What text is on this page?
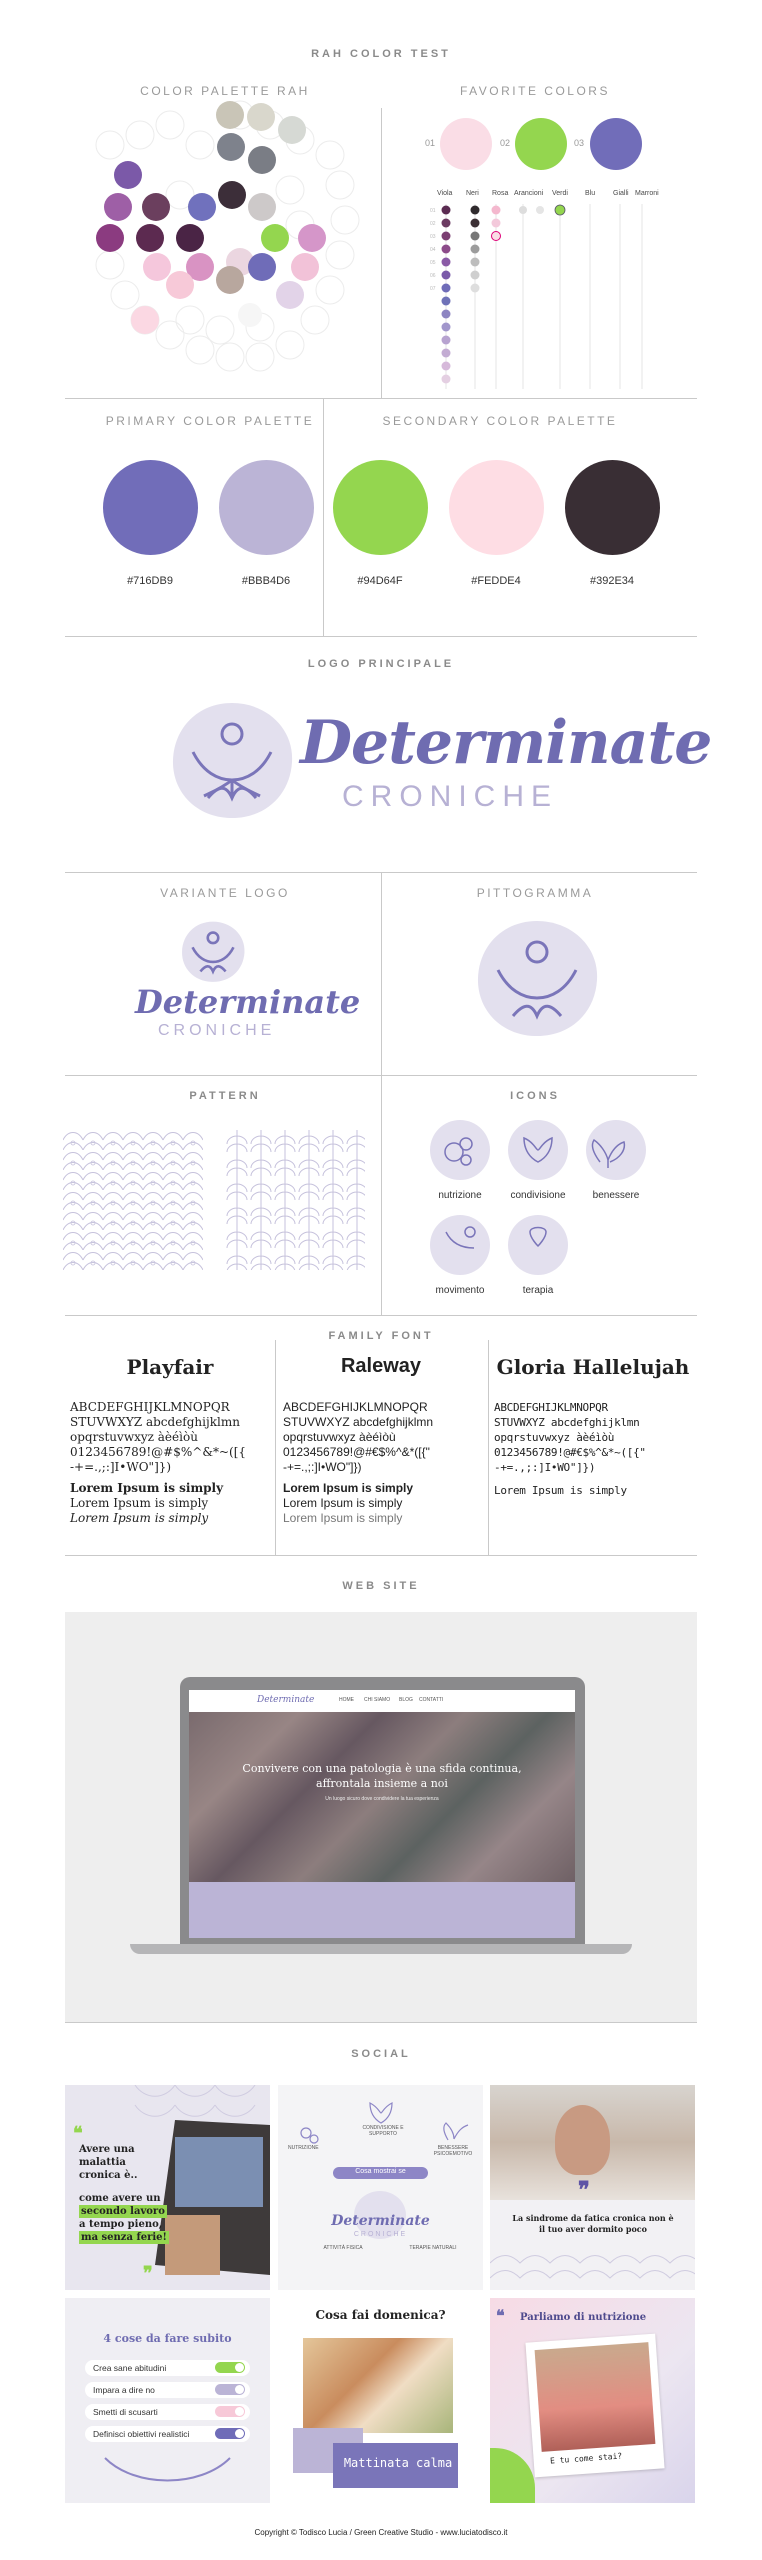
RAH COLOR TEST
COLOR PALETTE RAH	FAVORITE COLORS
01	02	03
Viola Neri Rosa Arancioni Verdi Blu	Gialli Marroni
01
02
03
04
05
06
07
PRIMARY COLOR PALETTE	SECONDARY COLOR PALETTE
#716DB9	#BBB4D6	#94D64F	#FEDDE4	#392E34
LOGO PRINCIPALE
Determinate
CRONICHE
VARIANTE LOGO	PITTOGRAMMA
Determinate
CRONICHE
PATTERN	ICONS
nutrizione	condivisione	benessere
movimento	terapia
FAMILY FONT
Playfair
ABCDEFGHIJKLMNOPQR
STUVWXYZ abcdefghijklmn
opqrstuvwxyz àèéìòù
0123456789!@#$%^&*~([{
-+=.,;:]I•WO"]})
Lorem Ipsum is simply
Lorem Ipsum is simply
Lorem Ipsum is simply
Raleway
ABCDEFGHIJKLMNOPQR
STUVWXYZ abcdefghijklmn
opqrstuvwxyz àèéìòù
0123456789!@#€$%^&*([{"
-+=.,;:]I•WO"]})
Lorem Ipsum is simply
Lorem Ipsum is simply
Lorem Ipsum is simply
Gloria Hallelujah
ABCDEFGHIJKLMNOPQR
STUVWXYZ abcdefghijklmn
opqrstuvwxyz àèéìòù
0123456789!@#€$%^&*~([{"
-+=.,;:]I•WO"]})
Lorem Ipsum is simply
WEB SITE
Determinate	HOME CHI SIAMO BLOG CONTATTI
Convivere con una patologia è una sfida continua,
affrontala insieme a noi
Un luogo sicuro dove condividere la tua esperienza
SOCIAL
❝
Avere una
malattia
cronica è..
come avere un
secondo lavoro
a tempo pieno,
ma senza ferie!
❞
NUTRIZIONE
CONDIVISIONE E SUPPORTO
BENESSERE PSICOEMOTIVO
ATTIVITÀ FISICA	TERAPIE NATURALI
Cosa mostrai se
Determinate
CRONICHE
❞
La sindrome da fatica cronica non è
il tuo aver dormito poco
4 cose da fare subito
Crea sane abitudini
Impara a dire no
Smetti di scusarti
Definisci obiettivi realistici
Cosa fai domenica?
Mattinata calma
❝ Parliamo di nutrizione
E tu come stai?
Copyright © Todisco Lucia / Green Creative Studio - www.luciatodisco.it
